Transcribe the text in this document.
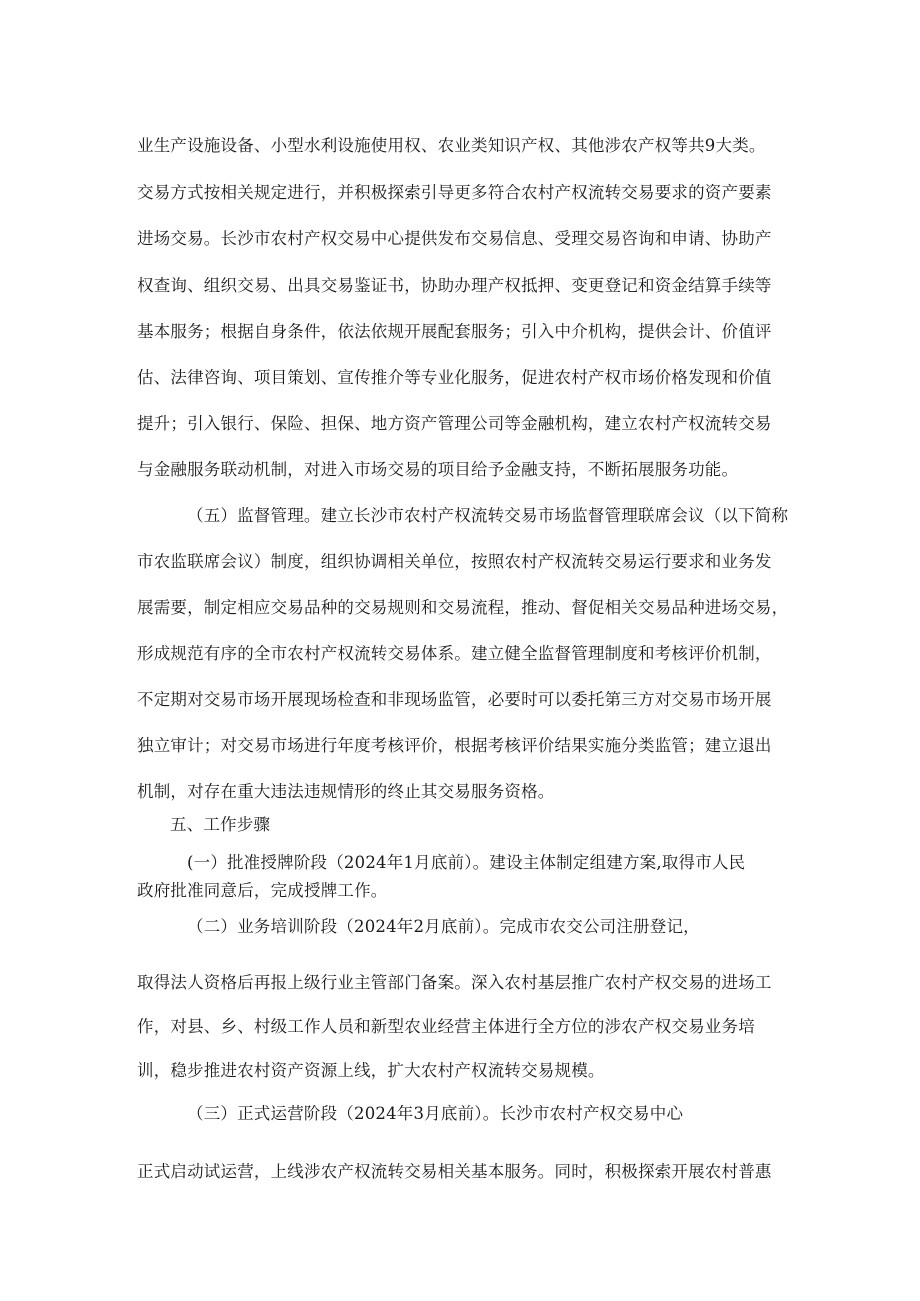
业生产设施设备、小型水利设施使用权、农业类知识产权、其他涉农产权等共9大类。
交易方式按相关规定进行，并积极探索引导更多符合农村产权流转交易要求的资产要素
进场交易。长沙市农村产权交易中心提供发布交易信息、受理交易咨询和申请、协助产
权查询、组织交易、出具交易鉴证书，协助办理产权抵押、变更登记和资金结算手续等
基本服务；根据自身条件，依法依规开展配套服务；引入中介机构，提供会计、价值评
估、法律咨询、项目策划、宣传推介等专业化服务，促进农村产权市场价格发现和价值
提升；引入银行、保险、担保、地方资产管理公司等金融机构，建立农村产权流转交易
与金融服务联动机制，对进入市场交易的项目给予金融支持，不断拓展服务功能。
（五）监督管理。建立长沙市农村产权流转交易市场监督管理联席会议（以下简称
市农监联席会议）制度，组织协调相关单位，按照农村产权流转交易运行要求和业务发
展需要，制定相应交易品种的交易规则和交易流程，推动、督促相关交易品种进场交易，
形成规范有序的全市农村产权流转交易体系。建立健全监督管理制度和考核评价机制，
不定期对交易市场开展现场检查和非现场监管，必要时可以委托第三方对交易市场开展
独立审计；对交易市场进行年度考核评价，根据考核评价结果实施分类监管；建立退出
机制，对存在重大违法违规情形的终止其交易服务资格。
五、工作步骤
(一）批准授牌阶段（2024年1月底前）。建设主体制定组建方案,取得市人民
政府批准同意后，完成授牌工作。
（二）业务培训阶段（2024年2月底前）。完成市农交公司注册登记，
取得法人资格后再报上级行业主管部门备案。深入农村基层推广农村产权交易的进场工
作，对县、乡、村级工作人员和新型农业经营主体进行全方位的涉农产权交易业务培
训，稳步推进农村资产资源上线，扩大农村产权流转交易规模。
（三）正式运营阶段（2024年3月底前）。长沙市农村产权交易中心
正式启动试运营，上线涉农产权流转交易相关基本服务。同时，积极探索开展农村普惠
